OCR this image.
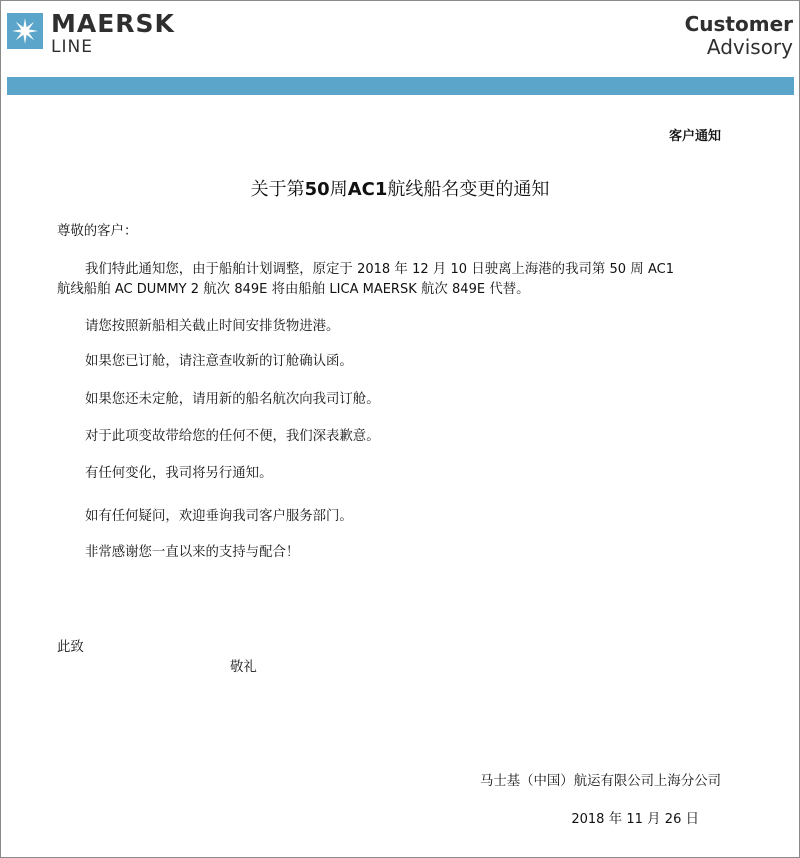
MAERSK
LINE
Customer
Advisory
客户通知
关于第50周AC1航线船名变更的通知
尊敬的客户：
我们特此通知您，由于船舶计划调整，原定于 2018 年 12 月 10 日驶离上海港的我司第 50 周 AC1
航线船舶 AC DUMMY 2 航次 849E 将由船舶 LICA MAERSK 航次 849E 代替。
请您按照新船相关截止时间安排货物进港。
如果您已订舱，请注意查收新的订舱确认函。
如果您还未定舱，请用新的船名航次向我司订舱。
对于此项变故带给您的任何不便，我们深表歉意。
有任何变化，我司将另行通知。
如有任何疑问，欢迎垂询我司客户服务部门。
非常感谢您一直以来的支持与配合！
此致
敬礼
马士基（中国）航运有限公司上海分公司
2018 年 11 月 26 日
